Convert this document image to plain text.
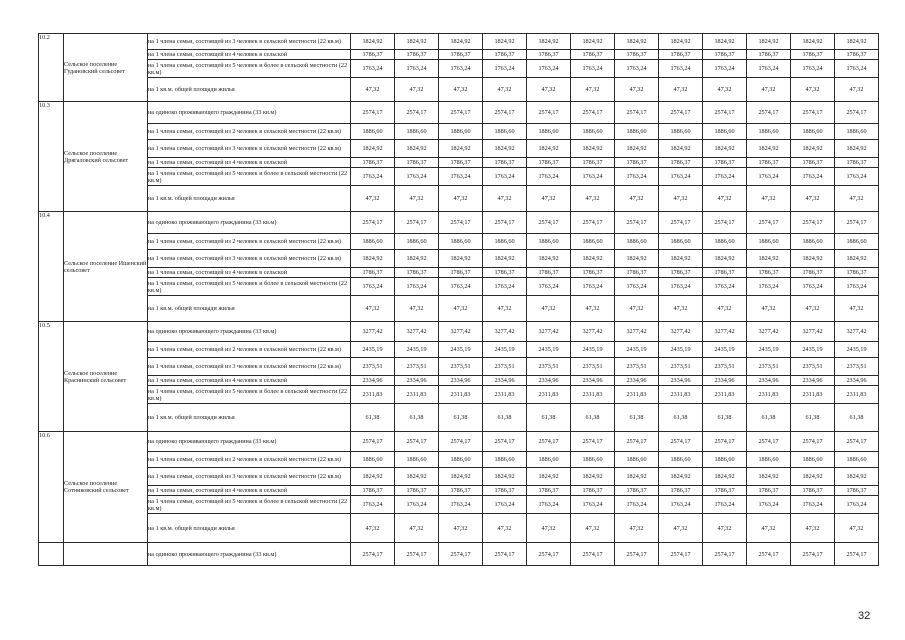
10.2	Сельское поселение Гудановский сельсовет	на 1 члена семьи, состоящей из 3 человек в сельской местности (22 кв.м)	1824,92	1824,92	1824,92	1824,92	1824,92	1824,92	1824,92	1824,92	1824,92	1824,92	1824,92	1824,92
		на 1 члена семьи, состоящей из 4 человек в сельской	1786,37	1786,37	1786,37	1786,37	1786,37	1786,37	1786,37	1786,37	1786,37	1786,37	1786,37	1786,37
		на 1 члена семьи, состоящей из 5 человек и более в сельской местности (22 кв.м)	1763,24	1763,24	1763,24	1763,24	1763,24	1763,24	1763,24	1763,24	1763,24	1763,24	1763,24	1763,24
		на 1 кв.м. общей площади жилья	47,32	47,32	47,32	47,32	47,32	47,32	47,32	47,32	47,32	47,32	47,32	47,32
10.3	Сельское поселение Дрягаловский сельсовет	на одиноко проживающего гражданина (33 кв.м)	2574,17	2574,17	2574,17	2574,17	2574,17	2574,17	2574,17	2574,17	2574,17	2574,17	2574,17	2574,17
		на 1 члена семьи, состоящей из 2 человек в сельской местности (22 кв.м)	1886,60	1886,60	1886,60	1886,60	1886,60	1886,60	1886,60	1886,60	1886,60	1886,60	1886,60	1886,60
		на 1 члена семьи, состоящей из 3 человек в сельской местности (22 кв.м)	1824,92	1824,92	1824,92	1824,92	1824,92	1824,92	1824,92	1824,92	1824,92	1824,92	1824,92	1824,92
		на 1 члена семьи, состоящей из 4 человек в сельской	1786,37	1786,37	1786,37	1786,37	1786,37	1786,37	1786,37	1786,37	1786,37	1786,37	1786,37	1786,37
		на 1 члена семьи, состоящей из 5 человек и более в сельской местности (22 кв.м)	1763,24	1763,24	1763,24	1763,24	1763,24	1763,24	1763,24	1763,24	1763,24	1763,24	1763,24	1763,24
		на 1 кв.м. общей площади жилья	47,32	47,32	47,32	47,32	47,32	47,32	47,32	47,32	47,32	47,32	47,32	47,32
10.4	Сельское поселение Ишенский сельсовет	на одиноко проживающего гражданина (33 кв.м)	2574,17	2574,17	2574,17	2574,17	2574,17	2574,17	2574,17	2574,17	2574,17	2574,17	2574,17	2574,17
		на 1 члена семьи, состоящей из 2 человек в сельской местности (22 кв.м)	1886,60	1886,60	1886,60	1886,60	1886,60	1886,60	1886,60	1886,60	1886,60	1886,60	1886,60	1886,60
		на 1 члена семьи, состоящей из 3 человек в сельской местности (22 кв.м)	1824,92	1824,92	1824,92	1824,92	1824,92	1824,92	1824,92	1824,92	1824,92	1824,92	1824,92	1824,92
		на 1 члена семьи, состоящей из 4 человек в сельской	1786,37	1786,37	1786,37	1786,37	1786,37	1786,37	1786,37	1786,37	1786,37	1786,37	1786,37	1786,37
		на 1 члена семьи, состоящей из 5 человек и более в сельской местности (22 кв.м)	1763,24	1763,24	1763,24	1763,24	1763,24	1763,24	1763,24	1763,24	1763,24	1763,24	1763,24	1763,24
		на 1 кв.м. общей площади жилья	47,32	47,32	47,32	47,32	47,32	47,32	47,32	47,32	47,32	47,32	47,32	47,32
10.5	Сельское поселение Краснинский сельсовет	на одиноко проживающего гражданина (33 кв.м)	3277,42	3277,42	3277,42	3277,42	3277,42	3277,42	3277,42	3277,42	3277,42	3277,42	3277,42	3277,42
		на 1 члена семьи, состоящей из 2 человек в сельской местности (22 кв.м)	2435,19	2435,19	2435,19	2435,19	2435,19	2435,19	2435,19	2435,19	2435,19	2435,19	2435,19	2435,19
		на 1 члена семьи, состоящей из 3 человек в сельской местности (22 кв.м)	2373,51	2373,51	2373,51	2373,51	2373,51	2373,51	2373,51	2373,51	2373,51	2373,51	2373,51	2373,51
		на 1 члена семьи, состоящей из 4 человек в сельской	2334,96	2334,96	2334,96	2334,96	2334,96	2334,96	2334,96	2334,96	2334,96	2334,96	2334,96	2334,96
		на 1 члена семьи, состоящей из 5 человек и более в сельской местности (22 кв.м)	2311,83	2311,83	2311,83	2311,83	2311,83	2311,83	2311,83	2311,83	2311,83	2311,83	2311,83	2311,83
		на 1 кв.м. общей площади жилья	61,38	61,38	61,38	61,38	61,38	61,38	61,38	61,38	61,38	61,38	61,38	61,38
10.6	Сельское поселение Сотниковский сельсовет	на одиноко проживающего гражданина (33 кв.м)	2574,17	2574,17	2574,17	2574,17	2574,17	2574,17	2574,17	2574,17	2574,17	2574,17	2574,17	2574,17
		на 1 члена семьи, состоящей из 2 человек в сельской местности (22 кв.м)	1886,60	1886,60	1886,60	1886,60	1886,60	1886,60	1886,60	1886,60	1886,60	1886,60	1886,60	1886,60
		на 1 члена семьи, состоящей из 3 человек в сельской местности (22 кв.м)	1824,92	1824,92	1824,92	1824,92	1824,92	1824,92	1824,92	1824,92	1824,92	1824,92	1824,92	1824,92
		на 1 члена семьи, состоящей из 4 человек в сельской	1786,37	1786,37	1786,37	1786,37	1786,37	1786,37	1786,37	1786,37	1786,37	1786,37	1786,37	1786,37
		на 1 члена семьи, состоящей из 5 человек и более в сельской местности (22 кв.м)	1763,24	1763,24	1763,24	1763,24	1763,24	1763,24	1763,24	1763,24	1763,24	1763,24	1763,24	1763,24
		на 1 кв.м. общей площади жилья	47,32	47,32	47,32	47,32	47,32	47,32	47,32	47,32	47,32	47,32	47,32	47,32
		на одиноко проживающего гражданина (33 кв.м)	2574,17	2574,17	2574,17	2574,17	2574,17	2574,17	2574,17	2574,17	2574,17	2574,17	2574,17	2574,17
32
